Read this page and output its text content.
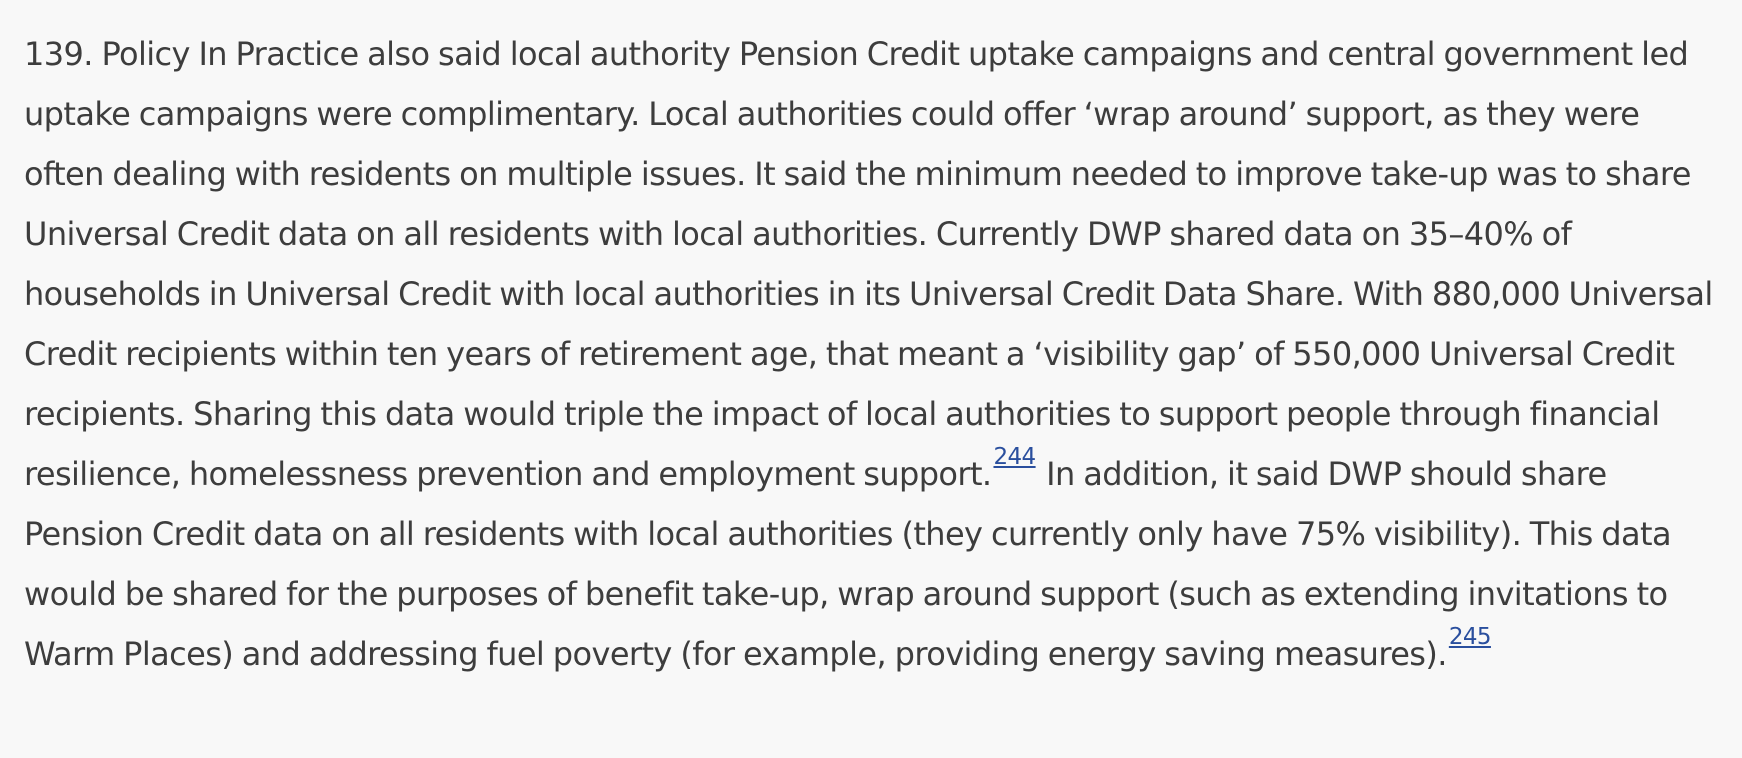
139. Policy In Practice also said local authority Pension Credit uptake campaigns and central government led uptake campaigns were complimentary. Local authorities could offer ‘wrap around’ support, as they were often dealing with residents on multiple issues. It said the minimum needed to improve take-up was to share Universal Credit data on all residents with local authorities. Currently DWP shared data on 35–40% of households in Universal Credit with local authorities in its Universal Credit Data Share. With 880,000 Universal Credit recipients within ten years of retirement age, that meant a ‘visibility gap’ of 550,000 Universal Credit recipients. Sharing this data would triple the impact of local authorities to support people through financial resilience, homelessness prevention and employment support.244 In addition, it said DWP should share Pension Credit data on all residents with local authorities (they currently only have 75% visibility). This data would be shared for the purposes of benefit take-up, wrap around support (such as extending invitations to Warm Places) and addressing fuel poverty (for example, providing energy saving measures).245
